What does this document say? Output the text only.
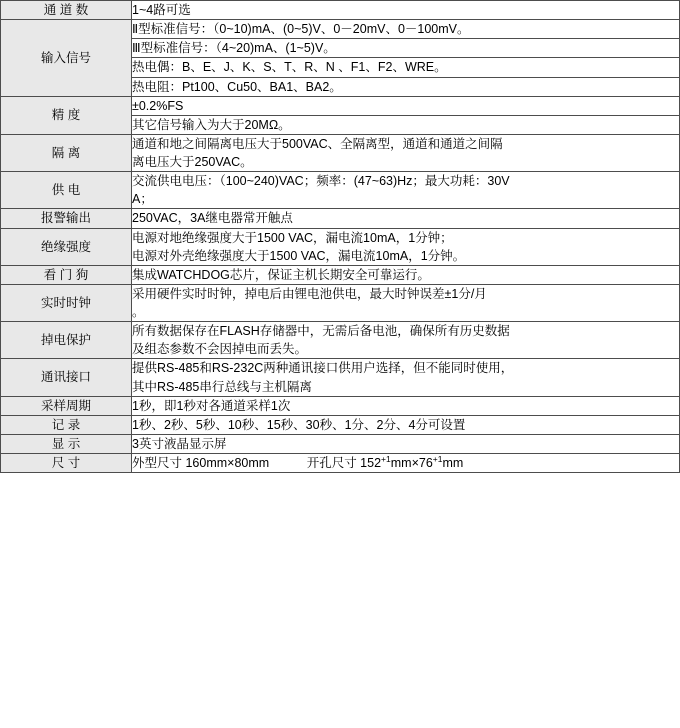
通 道 数	1~4路可选

输入信号	Ⅱ型标准信号：（0~10)mA、(0~5)V、0－20mV、0－100mV。

	Ⅲ型标准信号：（4~20)mA、(1~5)V。

	热电偶：B、E、J、K、S、T、R、N 、F1、F2、WRE。

	热电阻：Pt100、Cu50、BA1、BA2。

精 度	±0.2%FS

	其它信号输入为大于20MΩ。

隔 离	通道和地之间隔离电压大于500VAC、全隔离型，通道和通道之间隔
离电压大于250VAC。

供 电	交流供电电压：（100~240)VAC；频率：(47~63)Hz；最大功耗：30V
A；

报警输出	250VAC，3A继电器常开触点

绝缘强度	电源对地绝缘强度大于1500 VAC，漏电流10mA，1分钟；
电源对外壳绝缘强度大于1500 VAC，漏电流10mA，1分钟。

看 门 狗	集成WATCHDOG芯片，保证主机长期安全可靠运行。

实时时钟	采用硬件实时时钟，掉电后由锂电池供电，最大时钟误差±1分/月
。

掉电保护	所有数据保存在FLASH存储器中，无需后备电池，确保所有历史数据
及组态参数不会因掉电而丢失。

通讯接口	提供RS-485和RS-232C两种通讯接口供用户选择，但不能同时使用，
其中RS-485串行总线与主机隔离

采样周期	1秒，即1秒对各通道采样1次

记 录	1秒、2秒、5秒、10秒、15秒、30秒、1分、2分、4分可设置

显 示	3英寸液晶显示屏

尺 寸	外型尺寸 160mm×80mm　　　 开孔尺寸 $152^{+1}mm\times 76^{+1}mm$
